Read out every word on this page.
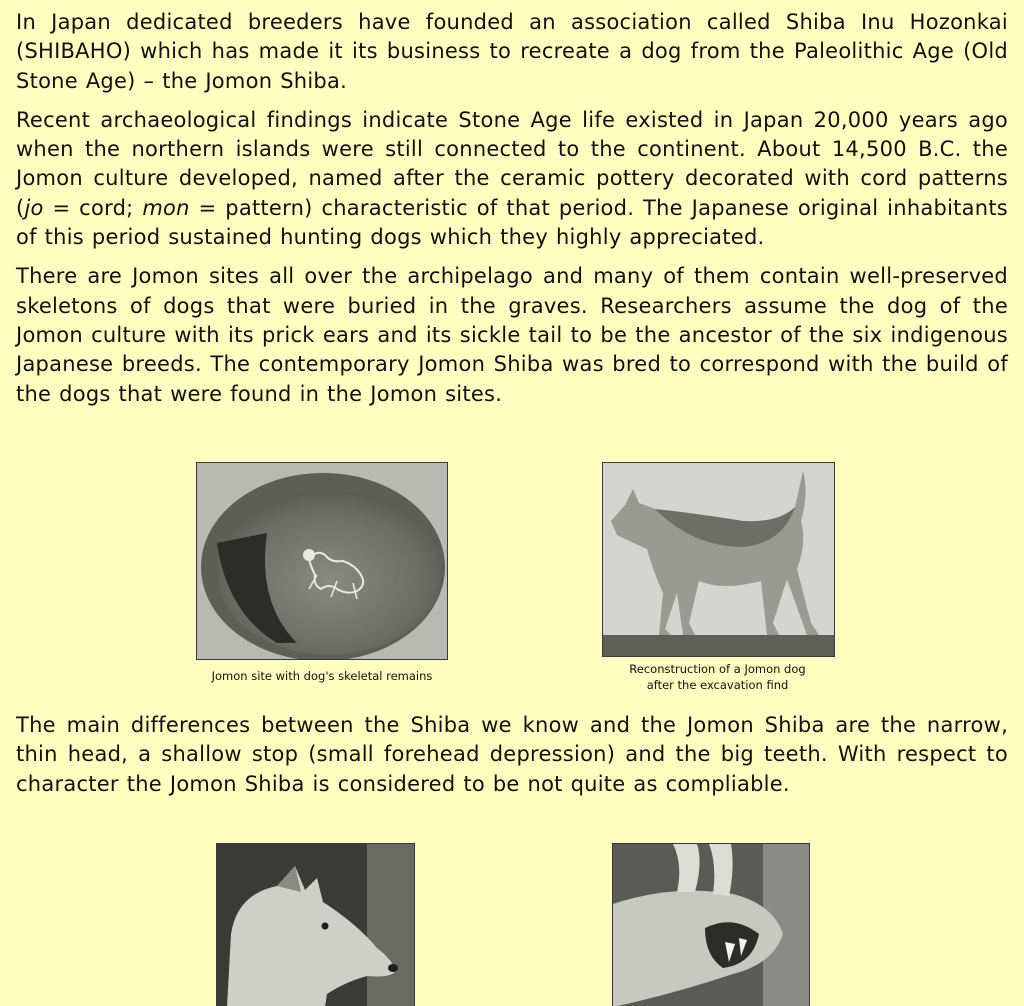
In Japan dedicated breeders have founded an association called Shiba Inu Hozonkai (SHIBAHO) which has made it its business to recreate a dog from the Paleolithic Age (Old Stone Age) – the Jomon Shiba.

Recent archaeological findings indicate Stone Age life existed in Japan 20,000 years ago when the northern islands were still connected to the continent. About 14,500 B.C. the Jomon culture developed, named after the ceramic pottery decorated with cord patterns (jo = cord; mon = pattern) characteristic of that period. The Japanese original inhabitants of this period sustained hunting dogs which they highly appreciated.

There are Jomon sites all over the archipelago and many of them contain well-preserved skeletons of dogs that were buried in the graves. Researchers assume the dog of the Jomon culture with its prick ears and its sickle tail to be the ancestor of the six indigenous Japanese breeds. The contemporary Jomon Shiba was bred to correspond with the build of the dogs that were found in the Jomon sites.

Jomon site with dog's skeletal remains	Reconstruction of a Jomon dog
after the excavation find

The main differences between the Shiba we know and the Jomon Shiba are the narrow, thin head, a shallow stop (small forehead depression) and the big teeth. With respect to character the Jomon Shiba is considered to be not quite as compliable.
